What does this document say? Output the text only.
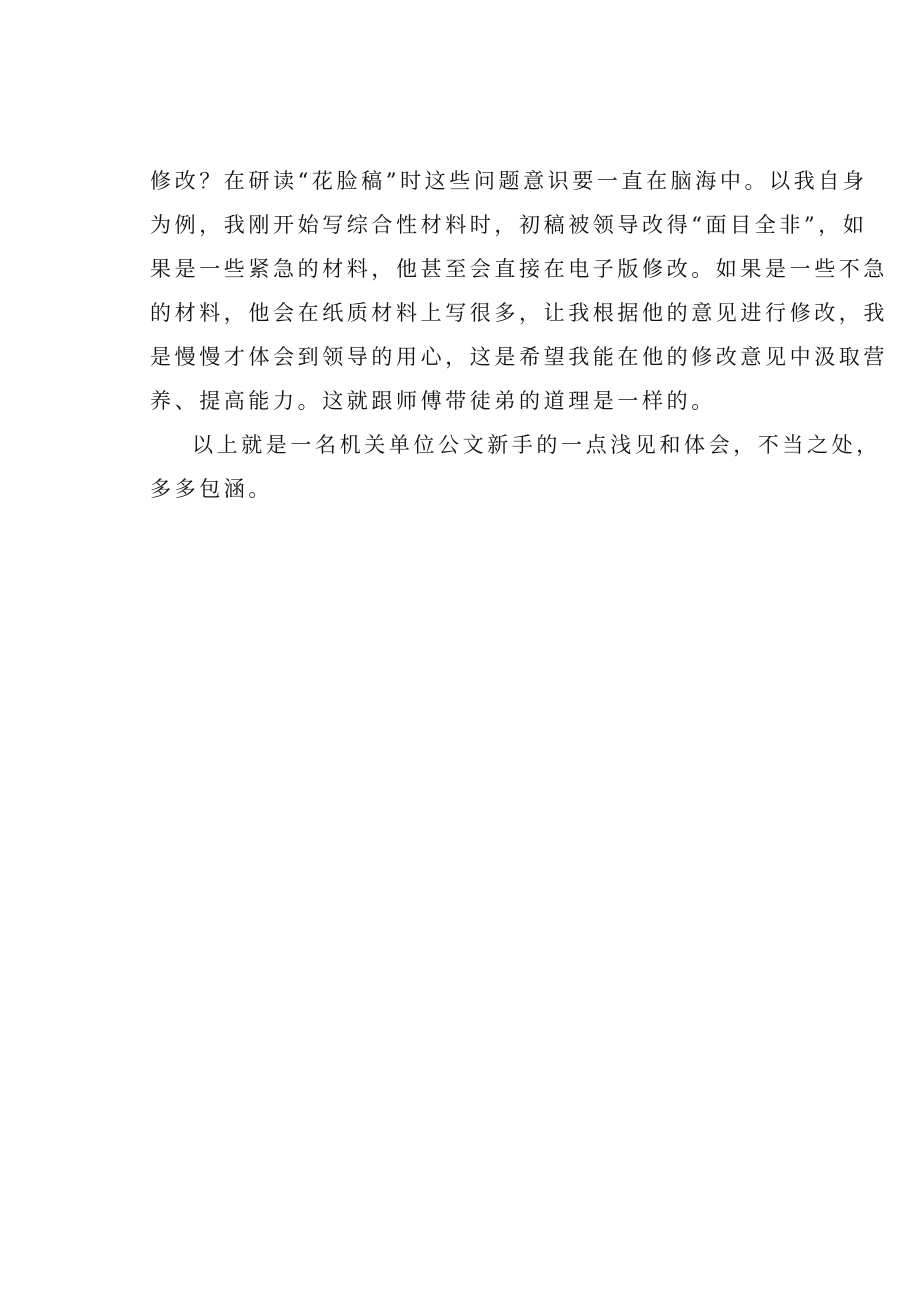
修改？在研读“花脸稿”时这些问题意识要一直在脑海中。以我自身
为例，我刚开始写综合性材料时，初稿被领导改得“面目全非”，如
果是一些紧急的材料，他甚至会直接在电子版修改。如果是一些不急
的材料，他会在纸质材料上写很多，让我根据他的意见进行修改，我
是慢慢才体会到领导的用心，这是希望我能在他的修改意见中汲取营
养、提高能力。这就跟师傅带徒弟的道理是一样的。
以上就是一名机关单位公文新手的一点浅见和体会，不当之处，
多多包涵。
